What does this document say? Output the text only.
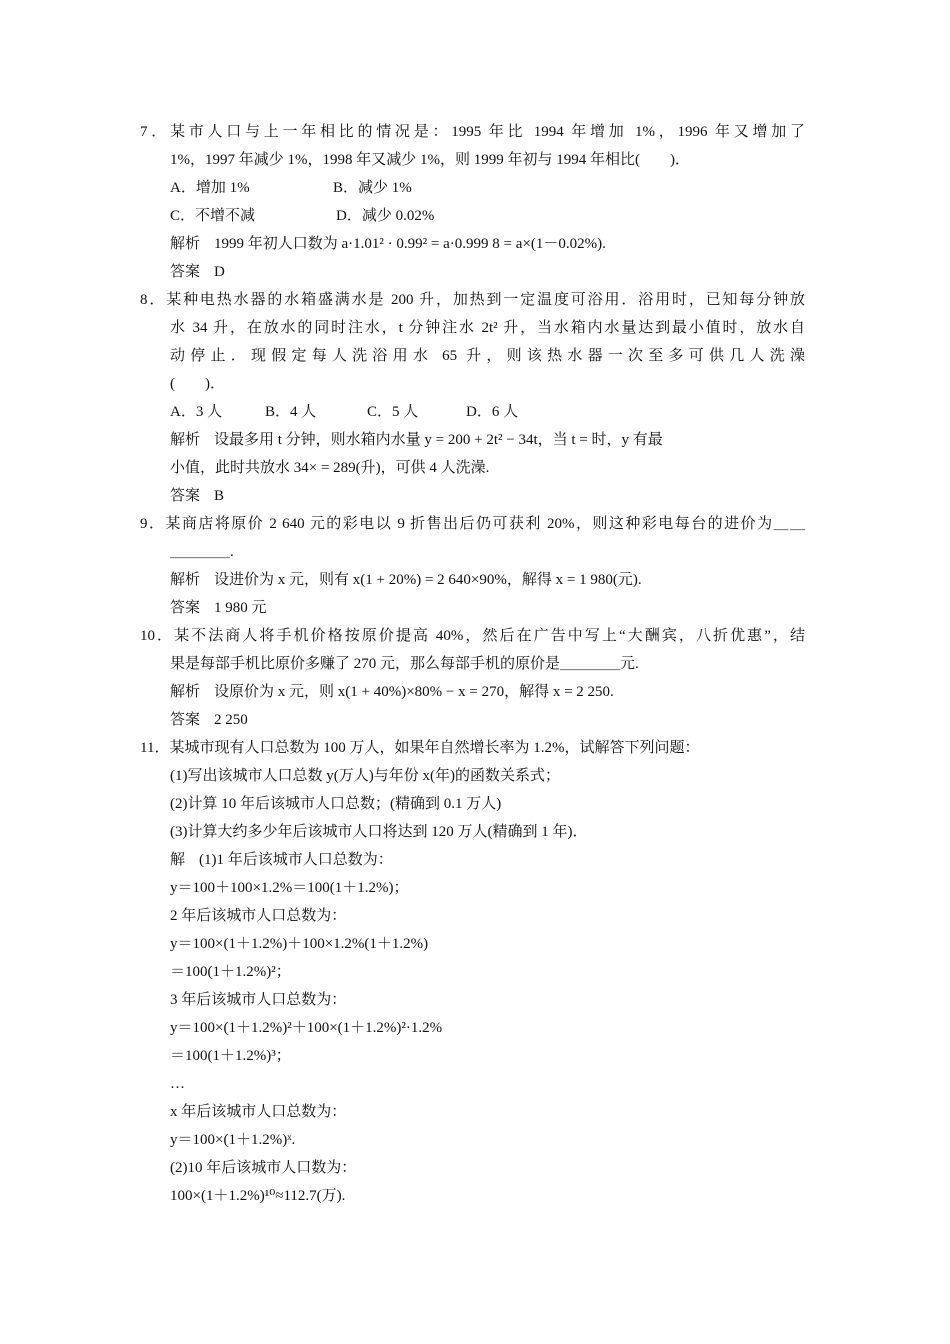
7．某市人口与上一年相比的情况是：1995 年比 1994 年增加 1%，1996 年又增加了
1%，1997 年减少 1%，1998 年又减少 1%，则 1999 年初与 1994 年相比(　　)．
A．增加 1%	B．减少 1%
C．不增不减	D．减少 0.02%
解析 1999 年初人口数为 a·1.01² · 0.99² = a·0.999 8 = a×(1－0.02%).
答案 D
8．某种电热水器的水箱盛满水是 200 升，加热到一定温度可浴用．浴用时，已知每分钟放
水 34 升，在放水的同时注水，t 分钟注水 2t² 升，当水箱内水量达到最小值时，放水自
动停止．现假定每人洗浴用水 65 升，则该热水器一次至多可供几人洗澡
(　　)．
A．3 人	B．4 人	C．5 人	D．6 人
解析 设最多用 t 分钟，则水箱内水量 y = 200 + 2t² − 34t，当 t = 时，y 有最
小值，此时共放水 34× = 289(升)，可供 4 人洗澡.
答案 B
9．某商店将原价 2 640 元的彩电以 9 折售出后仍可获利 20%，则这种彩电每台的进价为＿＿
＿＿＿＿.
解析 设进价为 x 元，则有 x(1 + 20%) = 2 640×90%，解得 x = 1 980(元).
答案 1 980 元
10．某不法商人将手机价格按原价提高 40%，然后在广告中写上“大酬宾，八折优惠”，结
果是每部手机比原价多赚了 270 元，那么每部手机的原价是＿＿＿＿元.
解析 设原价为 x 元，则 x(1 + 40%)×80% − x = 270，解得 x = 2 250.
答案 2 250
11．某城市现有人口总数为 100 万人，如果年自然增长率为 1.2%，试解答下列问题：
(1)写出该城市人口总数 y(万人)与年份 x(年)的函数关系式；
(2)计算 10 年后该城市人口总数；(精确到 0.1 万人)
(3)计算大约多少年后该城市人口将达到 120 万人(精确到 1 年)．
解 (1)1 年后该城市人口总数为：
y＝100＋100×1.2%＝100(1＋1.2%)；
2 年后该城市人口总数为：
y＝100×(1＋1.2%)＋100×1.2%(1＋1.2%)
＝100(1＋1.2%)²；
3 年后该城市人口总数为：
y＝100×(1＋1.2%)²＋100×(1＋1.2%)²·1.2%
＝100(1＋1.2%)³；
…
x 年后该城市人口总数为：
y＝100×(1＋1.2%)ˣ.
(2)10 年后该城市人口数为：
100×(1＋1.2%)¹⁰≈112.7(万).
